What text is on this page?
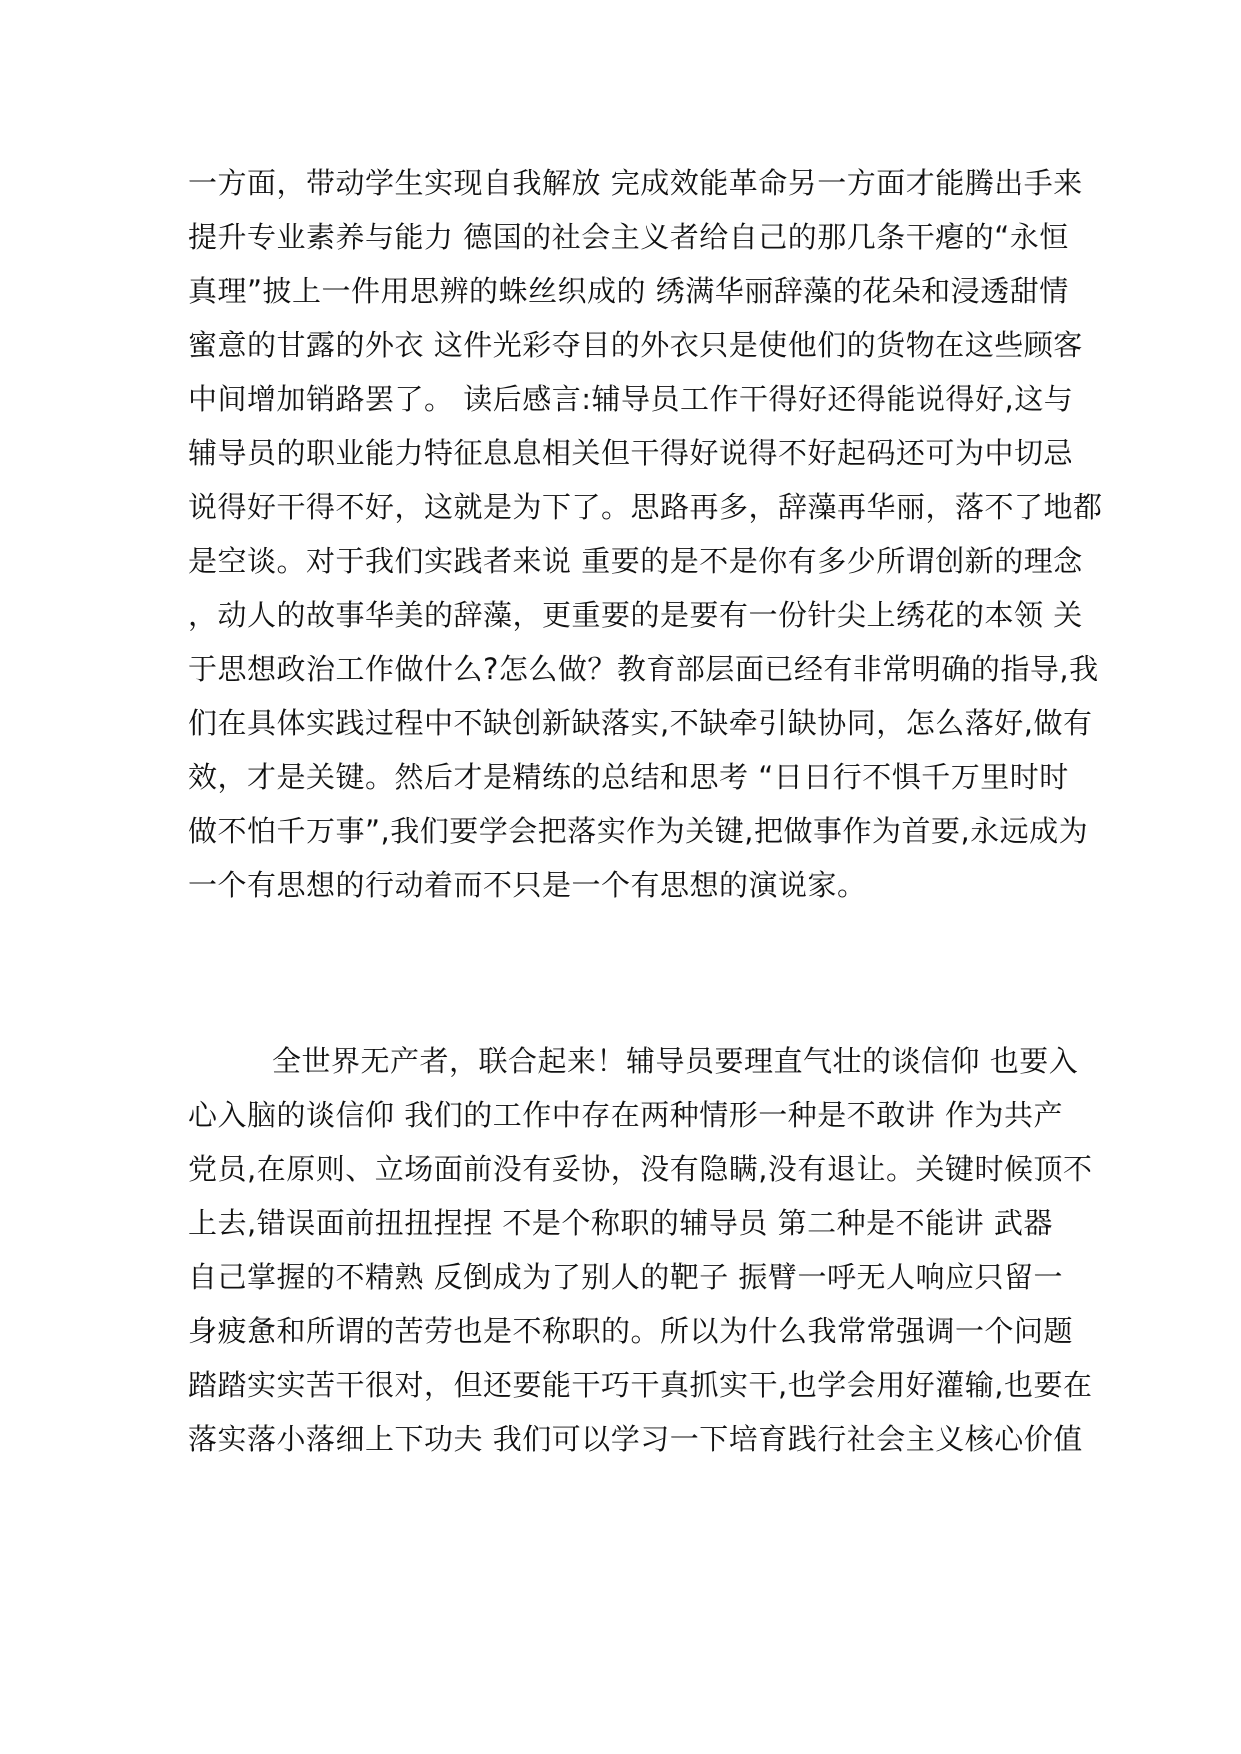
一方面，带动学生实现自我解放 完成效能革命另一方面才能腾出手来
提升专业素养与能力 德国的社会主义者给自己的那几条干瘪的“永恒
真理”披上一件用思辨的蛛丝织成的 绣满华丽辞藻的花朵和浸透甜情
蜜意的甘露的外衣 这件光彩夺目的外衣只是使他们的货物在这些顾客
中间增加销路罢了。 读后感言:辅导员工作干得好还得能说得好,这与
辅导员的职业能力特征息息相关但干得好说得不好起码还可为中切忌
说得好干得不好，这就是为下了。思路再多，辞藻再华丽，落不了地都
是空谈。对于我们实践者来说 重要的是不是你有多少所谓创新的理念
，动人的故事华美的辞藻，更重要的是要有一份针尖上绣花的本领 关
于思想政治工作做什么?怎么做？教育部层面已经有非常明确的指导,我
们在具体实践过程中不缺创新缺落实,不缺牵引缺协同，怎么落好,做有
效，才是关键。然后才是精练的总结和思考 “日日行不惧千万里时时
做不怕千万事”,我们要学会把落实作为关键,把做事作为首要,永远成为
一个有思想的行动着而不只是一个有思想的演说家。
全世界无产者，联合起来！辅导员要理直气壮的谈信仰 也要入
心入脑的谈信仰 我们的工作中存在两种情形一种是不敢讲 作为共产
党员,在原则、立场面前没有妥协，没有隐瞒,没有退让。关键时候顶不
上去,错误面前扭扭捏捏 不是个称职的辅导员 第二种是不能讲 武器
自己掌握的不精熟 反倒成为了别人的靶子 振臂一呼无人响应只留一
身疲惫和所谓的苦劳也是不称职的。所以为什么我常常强调一个问题
踏踏实实苦干很对，但还要能干巧干真抓实干,也学会用好灌输,也要在
落实落小落细上下功夫 我们可以学习一下培育践行社会主义核心价值
